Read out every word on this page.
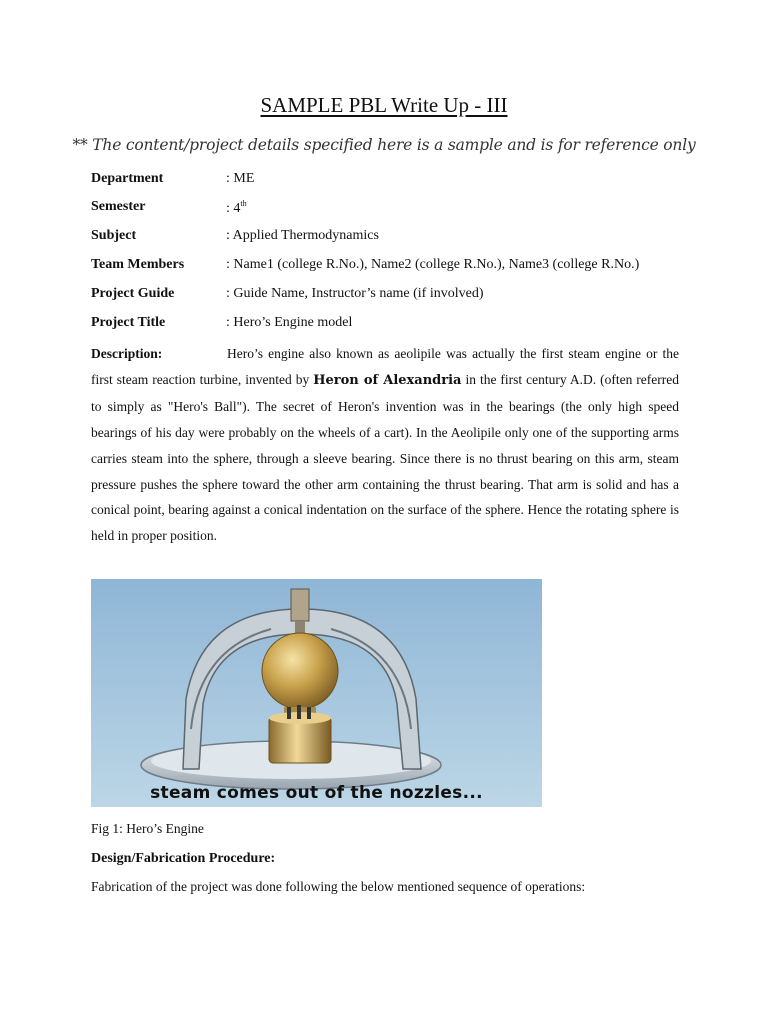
SAMPLE PBL Write Up - III
** The content/project details specified here is a sample and is for reference only
Department	: ME
Semester	: 4th
Subject	: Applied Thermodynamics
Team Members	: Name1 (college R.No.), Name2 (college R.No.), Name3 (college R.No.)
Project Guide	: Guide Name, Instructor’s name (if involved)
Project Title	: Hero’s Engine model
Description:	Hero’s engine also known as aeolipile was actually the first steam engine or the first steam reaction turbine, invented by Heron of Alexandria in the first century A.D. (often referred to simply as "Hero's Ball"). The secret of Heron's invention was in the bearings (the only high speed bearings of his day were probably on the wheels of a cart). In the Aeolipile only one of the supporting arms carries steam into the sphere, through a sleeve bearing. Since there is no thrust bearing on this arm, steam pressure pushes the sphere toward the other arm containing the thrust bearing. That arm is solid and has a conical point, bearing against a conical indentation on the surface of the sphere. Hence the rotating sphere is held in proper position.
steam comes out of the nozzles...
Fig 1: Hero’s Engine
Design/Fabrication Procedure:
Fabrication of the project was done following the below mentioned sequence of operations:
